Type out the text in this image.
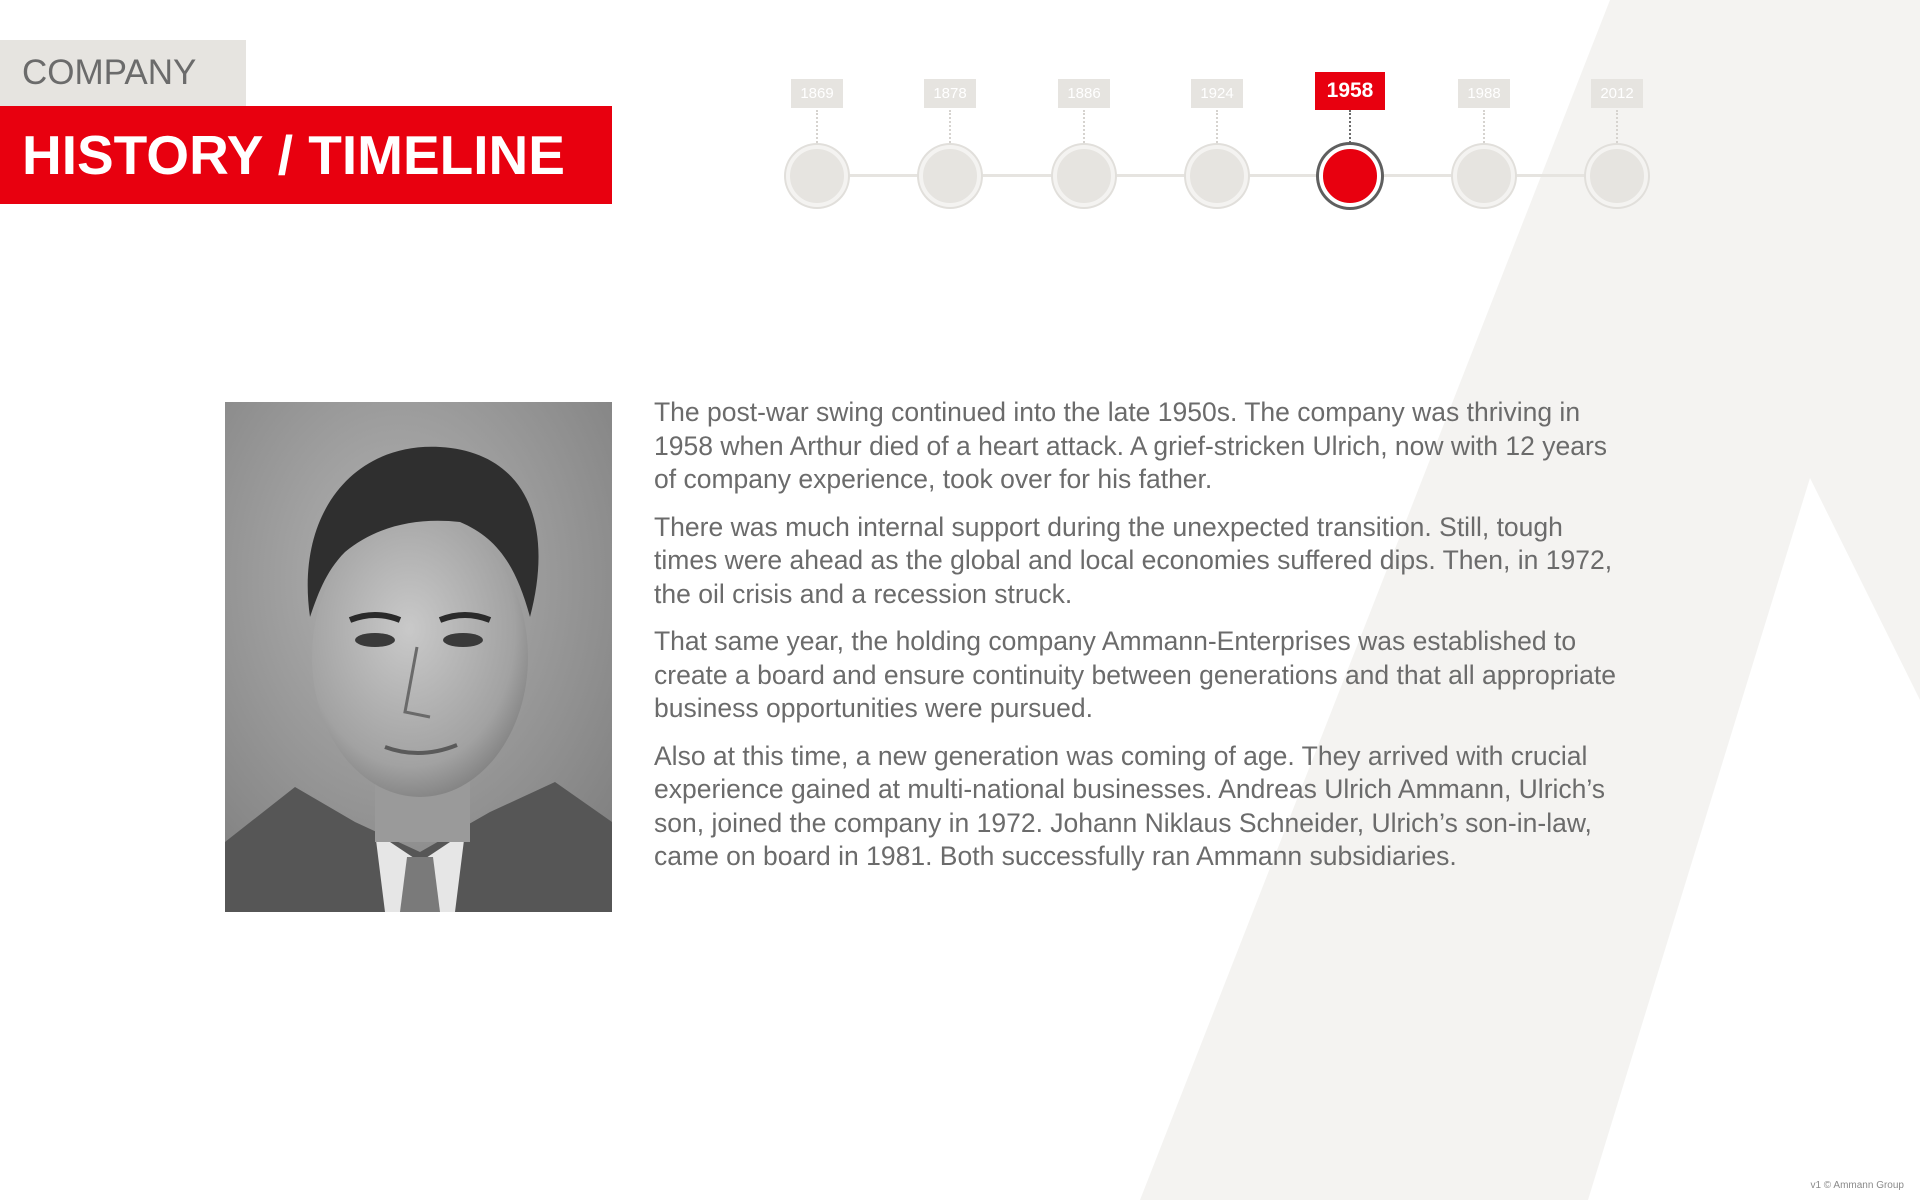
COMPANY
HISTORY / TIMELINE
1869	1878	1886	1924	1958	1988	2012

The post-war swing continued into the late 1950s. The company was thriving in 1958 when Arthur died of a heart attack. A grief-stricken Ulrich, now with 12 years of company experience, took over for his father.

There was much internal support during the unexpected transition. Still, tough times were ahead as the global and local economies suffered dips. Then, in 1972, the oil crisis and a recession struck.

That same year, the holding company Ammann-Enterprises was established to create a board and ensure continuity between generations and that all appropriate business opportunities were pursued.

Also at this time, a new generation was coming of age. They arrived with crucial experience gained at multi-national businesses. Andreas Ulrich Ammann, Ulrich’s son, joined the company in 1972. Johann Niklaus Schneider, Ulrich’s son-in-law, came on board in 1981. Both successfully ran Ammann subsidiaries.

v1 © Ammann Group
